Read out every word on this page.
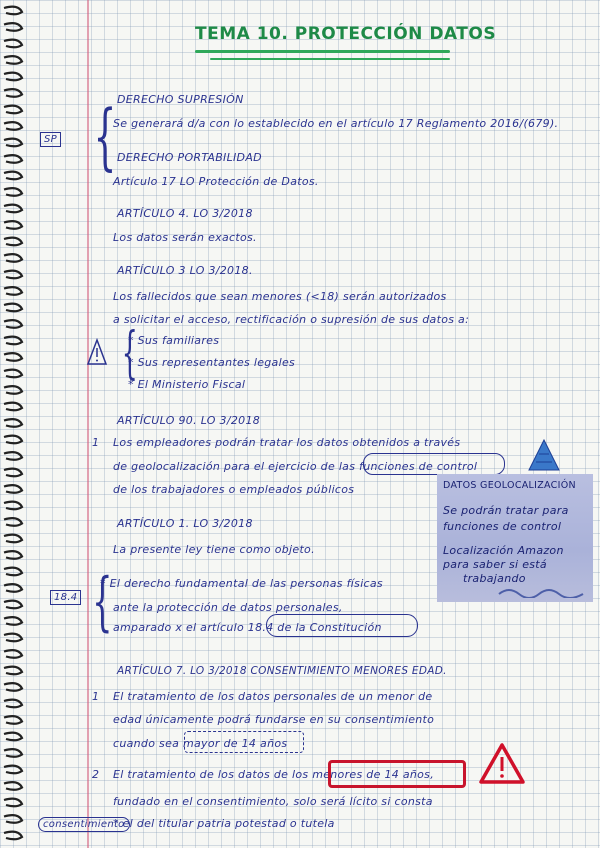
TEMA 10. PROTECCIÓN DATOS
SP { DERECHO SUPRESIÓN
Se generará d/a con lo establecido en el artículo 17 Reglamento 2016/(679).
DERECHO PORTABILIDAD
Artículo 17 LO Protección de Datos.
ARTÍCULO 4. LO 3/2018
Los datos serán exactos.
ARTÍCULO 3 LO 3/2018.
Los fallecidos que sean menores (<18) serán autorizados
a solicitar el acceso, rectificación o supresión de sus datos a:
{
* Sus familiares
* Sus representantes legales
* El Ministerio Fiscal
ARTÍCULO 90. LO 3/2018
1 Los empleadores podrán tratar los datos obtenidos a través
de geolocalización para el ejercicio de las funciones de control
de los trabajadores o empleados públicos	DATOS GEOLOCALIZACIÓN
Se podrán tratar para
funciones de control
Localización Amazon
para saber si está
trabajando
ARTÍCULO 1. LO 3/2018
La presente ley tiene como objeto.
18.4 {
* El derecho fundamental de las personas físicas
ante la protección de datos personales,
amparado x el artículo 18.4 de la Constitución
ARTÍCULO 7. LO 3/2018 CONSENTIMIENTO MENORES EDAD.
1 El tratamiento de los datos personales de un menor de
edad únicamente podrá fundarse en su consentimiento
cuando sea mayor de 14 años
2 El tratamiento de los datos de los menores de 14 años,
fundado en el consentimiento, solo será lícito si consta
* el del titular patria potestad o tutela
consentimiento
